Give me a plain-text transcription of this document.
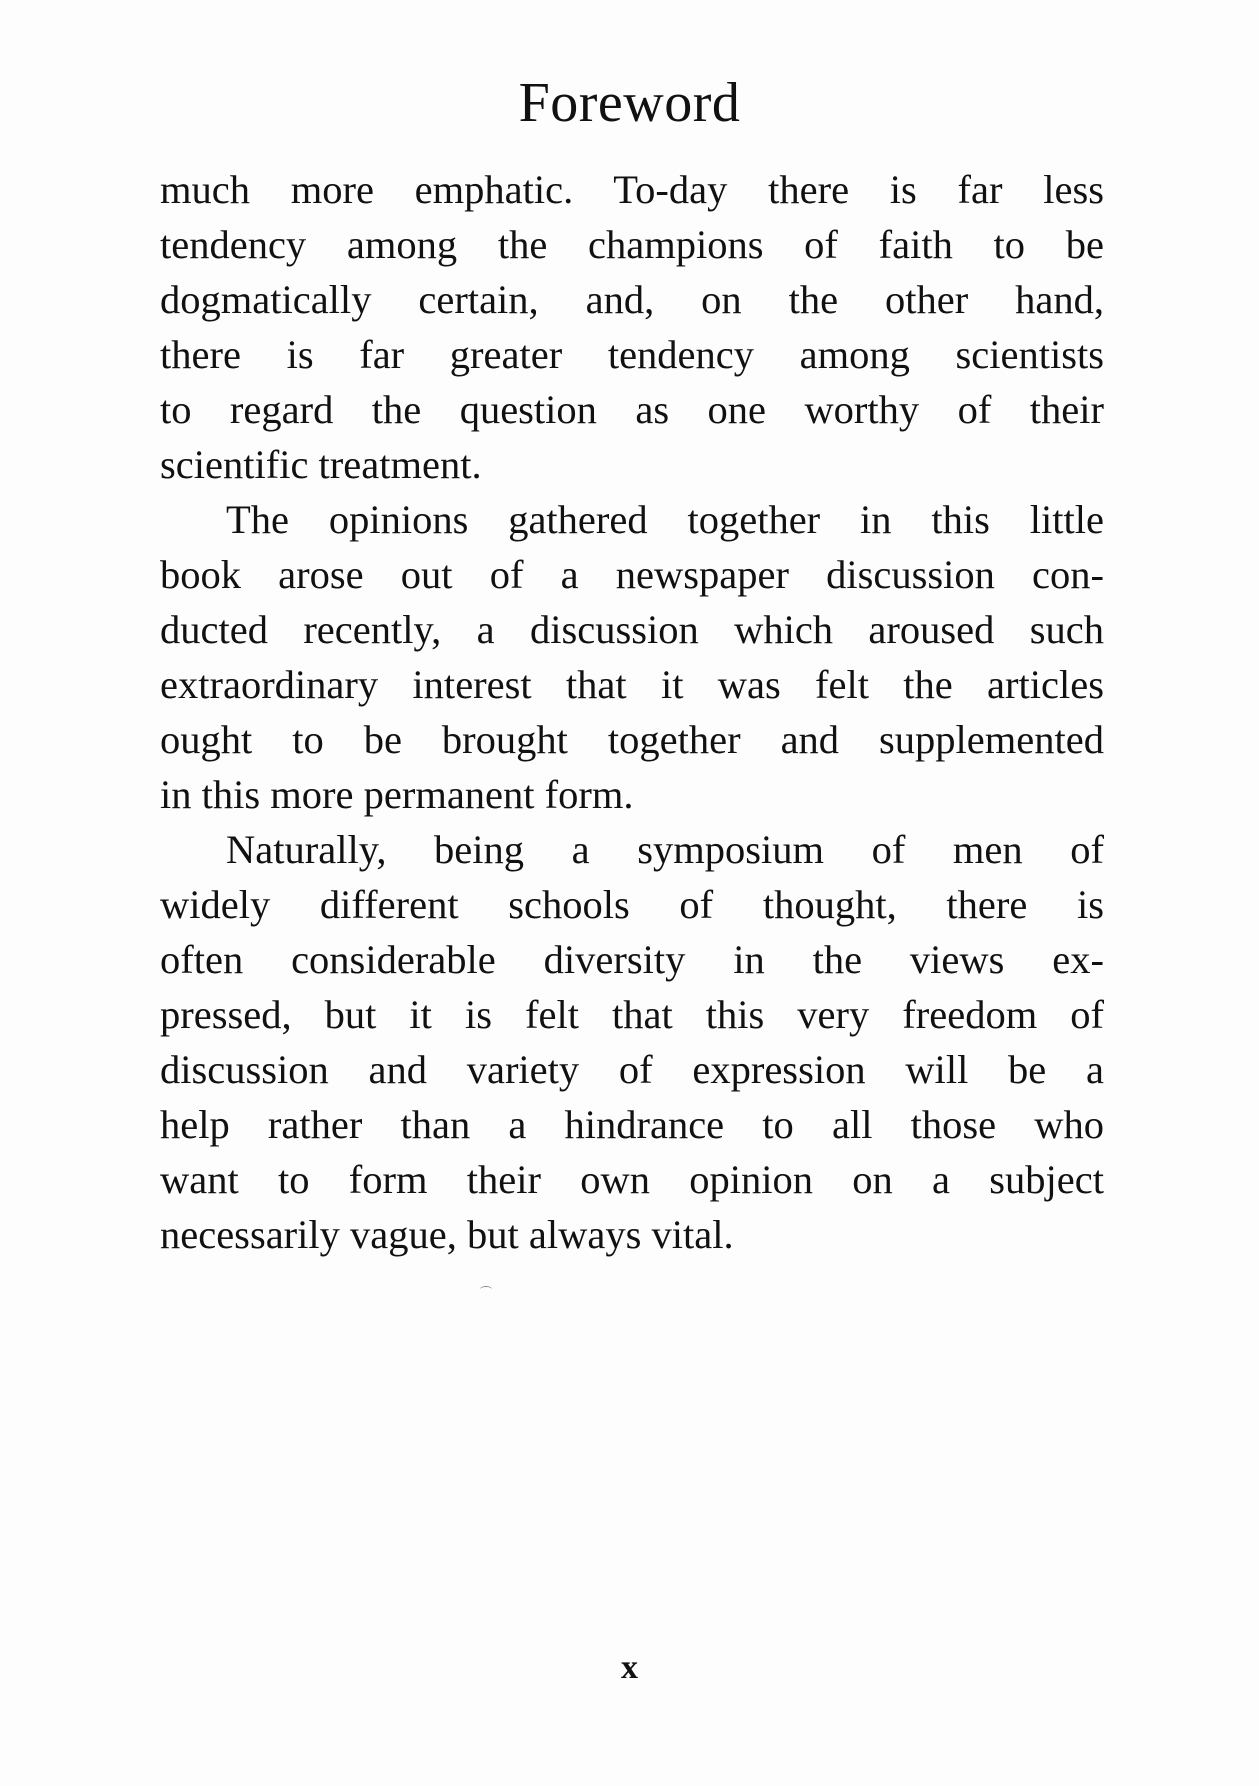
Foreword
much more emphatic. To-day there is far less
tendency among the champions of faith to be
dogmatically certain, and, on the other hand,
there is far greater tendency among scientists
to regard the question as one worthy of their
scientific treatment.
The opinions gathered together in this little
book arose out of a newspaper discussion con-
ducted recently, a discussion which aroused such
extraordinary interest that it was felt the articles
ought to be brought together and supplemented
in this more permanent form.
Naturally, being a symposium of men of
widely different schools of thought, there is
often considerable diversity in the views ex-
pressed, but it is felt that this very freedom of
discussion and variety of expression will be a
help rather than a hindrance to all those who
want to form their own opinion on a subject
necessarily vague, but always vital.
x
